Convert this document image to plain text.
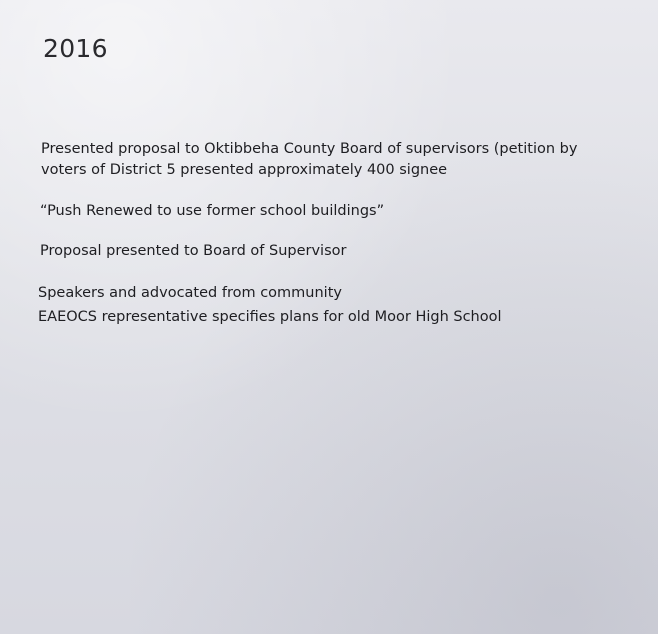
2016
Presented proposal to Oktibbeha County Board of supervisors (petition by
voters of District 5 presented approximately 400 signee
“Push Renewed to use former school buildings”
Proposal presented to Board of Supervisor
Speakers and advocated from community
EAEOCS representative specifies plans for old Moor High School
